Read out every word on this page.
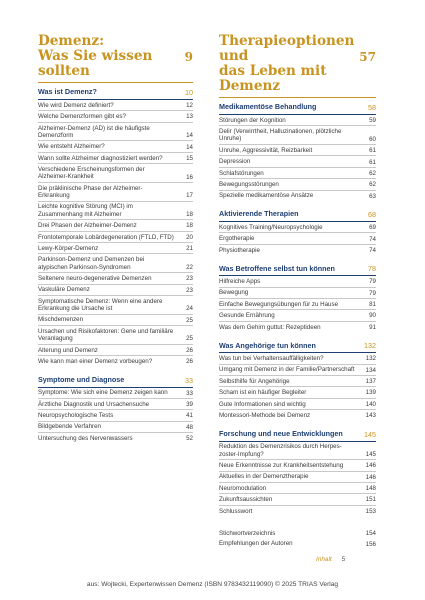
Demenz:
Was Sie wissen sollten
9
Was ist Demenz?	10
Wie wird Demenz definiert?	12
Welche Demenzformen gibt es?	13
Alzheimer-Demenz (AD) ist die häufigste Demenzform	14
Wie entsteht Alzheimer?	14
Wann sollte Alzheimer diagnostiziert werden?	15
Verschiedene Erscheinungsformen der Alzheimer-Krankheit	16
Die präklinische Phase der Alzheimer-Erkrankung	17
Leichte kognitive Störung (MCI) im Zusammenhang mit Alzheimer	18
Drei Phasen der Alzheimer-Demenz	18
Frontotemporale Lobärdegeneration (FTLD, FTD) 20
Lewy-Körper-Demenz	21
Parkinson-Demenz und Demenzen bei atypischen Parkinson-Syndromen	22
Seltenere neuro-degenerative Demenzen	23
Vaskuläre Demenz	23
Symptomatische Demenz: Wenn eine andere Erkrankung die Ursache ist	24
Mischdemenzen	25
Ursachen und Risikofaktoren: Gene und familiäre Veranlagung	25
Alterung und Demenz	26
Wie kann man einer Demenz vorbeugen?	26
Symptome und Diagnose	33
Symptome: Wie sich eine Demenz zeigen kann	33
Ärztliche Diagnostik und Ursachensuche	39
Neuropsychologische Tests	41
Bildgebende Verfahren	48
Untersuchung des Nervenwassers	52
Therapieoptionen und
das Leben mit Demenz
57
Medikamentöse Behandlung	58
Störungen der Kognition	59
Delir (Verwirrtheit, Halluzinationen, plötzliche Unruhe)	60
Unruhe, Aggressivität, Reizbarkeit	61
Depression	61
Schlafstörungen	62
Bewegungsstörungen	62
Spezielle medikamentöse Ansätze	63
Aktivierende Therapien	68
Kognitives Training/Neuropsychologie	69
Ergotherapie	74
Physiotherapie	74
Was Betroffene selbst tun können	78
Hilfreiche Apps	79
Bewegung	79
Einfache Bewegungsübungen für zu Hause	81
Gesunde Ernährung	90
Was dem Gehirn guttut: Rezeptideen	91
Was Angehörige tun können	132
Was tun bei Verhaltensauffälligkeiten?	132
Umgang mit Demenz in der Familie/Partnerschaft 134
Selbsthilfe für Angehörige	137
Scham ist ein häufiger Begleiter	139
Gute Informationen sind wichtig	140
Montessori-Methode bei Demenz	143
Forschung und neue Entwicklungen	145
Reduktion des Demenzrisikos durch Herpes-zoster-Impfung?	145
Neue Erkenntnisse zur Krankheitsentstehung	146
Aktuelles in der Demenztherapie	146
Neuromodulation	148
Zukunftsaussichten	151
Schlusswort	153
Stichwortverzeichnis	154
Empfehlungen der Autoren	156
Inhalt 5
aus: Wojtecki, Expertenwissen Demenz (ISBN 9783432119090) © 2025 TRIAS Verlag
